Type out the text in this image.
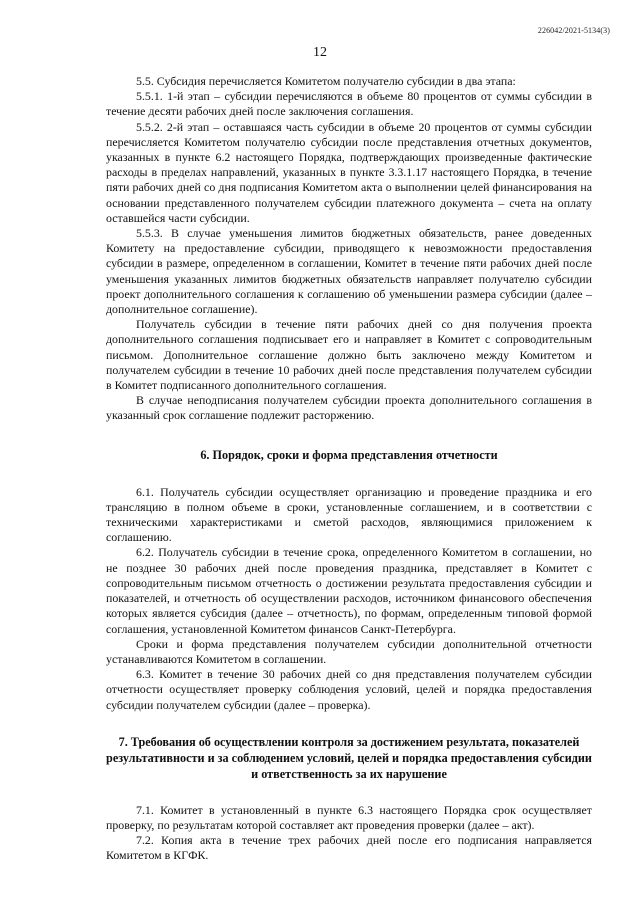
226042/2021-5134(3)
12

5.5. Субсидия перечисляется Комитетом получателю субсидии в два этапа:

5.5.1. 1-й этап – субсидии перечисляются в объеме 80 процентов от суммы субсидии в течение десяти рабочих дней после заключения соглашения.

5.5.2. 2-й этап – оставшаяся часть субсидии в объеме 20 процентов от суммы субсидии перечисляется Комитетом получателю субсидии после представления отчетных документов, указанных в пункте 6.2 настоящего Порядка, подтверждающих произведенные фактические расходы в пределах направлений, указанных в пункте 3.3.1.17 настоящего Порядка, в течение пяти рабочих дней со дня подписания Комитетом акта о выполнении целей финансирования на основании представленного получателем субсидии платежного документа – счета на оплату оставшейся части субсидии.

5.5.3. В случае уменьшения лимитов бюджетных обязательств, ранее доведенных Комитету на предоставление субсидии, приводящего к невозможности предоставления субсидии в размере, определенном в соглашении, Комитет в течение пяти рабочих дней после уменьшения указанных лимитов бюджетных обязательств направляет получателю субсидии проект дополнительного соглашения к соглашению об уменьшении размера субсидии (далее – дополнительное соглашение).

Получатель субсидии в течение пяти рабочих дней со дня получения проекта дополнительного соглашения подписывает его и направляет в Комитет с сопроводительным письмом. Дополнительное соглашение должно быть заключено между Комитетом и получателем субсидии в течение 10 рабочих дней после представления получателем субсидии в Комитет подписанного дополнительного соглашения.

В случае неподписания получателем субсидии проекта дополнительного соглашения в указанный срок соглашение подлежит расторжению.

6. Порядок, сроки и форма представления отчетности

6.1. Получатель субсидии осуществляет организацию и проведение праздника и его трансляцию в полном объеме в сроки, установленные соглашением, и в соответствии с техническими характеристиками и сметой расходов, являющимися приложением к соглашению.

6.2. Получатель субсидии в течение срока, определенного Комитетом в соглашении, но не позднее 30 рабочих дней после проведения праздника, представляет в Комитет с сопроводительным письмом отчетность о достижении результата предоставления субсидии и показателей, и отчетность об осуществлении расходов, источником финансового обеспечения которых является субсидия (далее – отчетность), по формам, определенным типовой формой соглашения, установленной Комитетом финансов Санкт-Петербурга.

Сроки и форма представления получателем субсидии дополнительной отчетности устанавливаются Комитетом в соглашении.

6.3. Комитет в течение 30 рабочих дней со дня представления получателем субсидии отчетности осуществляет проверку соблюдения условий, целей и порядка предоставления субсидии получателем субсидии (далее – проверка).

7. Требования об осуществлении контроля за достижением результата, показателей результативности и за соблюдением условий, целей и порядка предоставления субсидии и ответственность за их нарушение

7.1. Комитет в установленный в пункте 6.3 настоящего Порядка срок осуществляет проверку, по результатам которой составляет акт проведения проверки (далее – акт).

7.2. Копия акта в течение трех рабочих дней после его подписания направляется Комитетом в КГФК.
